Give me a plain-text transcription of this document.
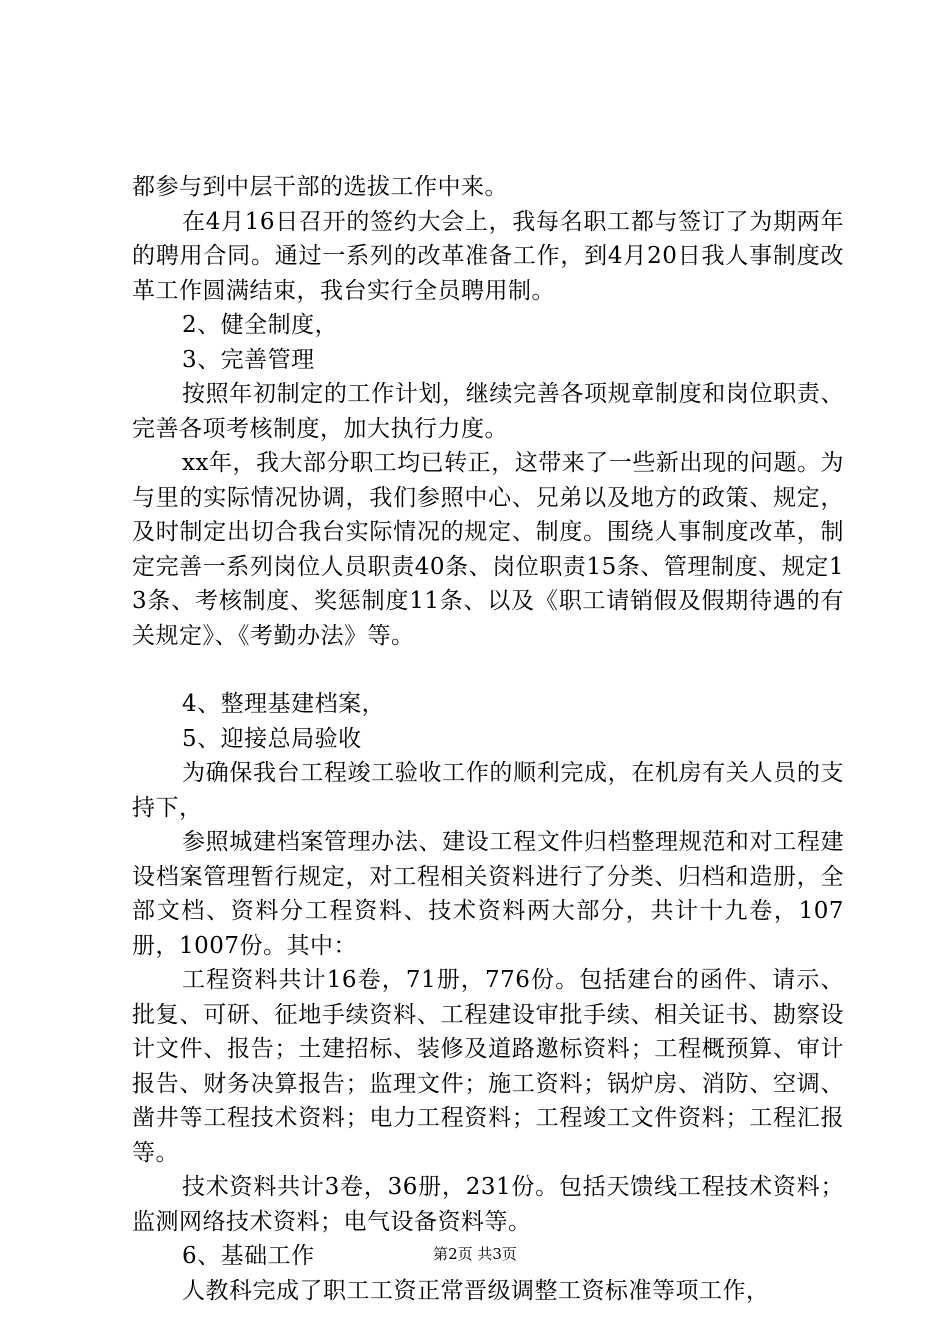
都参与到中层干部的选拔工作中来。

在4月16日召开的签约大会上，我每名职工都与签订了为期两年的聘用合同。通过一系列的改革准备工作，到4月20日我人事制度改革工作圆满结束，我台实行全员聘用制。

2、健全制度，

3、完善管理

按照年初制定的工作计划，继续完善各项规章制度和岗位职责、完善各项考核制度，加大执行力度。

xx年，我大部分职工均已转正，这带来了一些新出现的问题。为与里的实际情况协调，我们参照中心、兄弟以及地方的政策、规定，及时制定出切合我台实际情况的规定、制度。围绕人事制度改革，制定完善一系列岗位人员职责40条、岗位职责15条、管理制度、规定13条、考核制度、奖惩制度11条、以及《职工请销假及假期待遇的有关规定》、《考勤办法》等。

4、整理基建档案，

5、迎接总局验收

为确保我台工程竣工验收工作的顺利完成，在机房有关人员的支持下，

参照城建档案管理办法、建设工程文件归档整理规范和对工程建设档案管理暂行规定，对工程相关资料进行了分类、归档和造册，全部文档、资料分工程资料、技术资料两大部分，共计十九卷，107册，1007份。其中：

工程资料共计16卷，71册，776份。包括建台的函件、请示、批复、可研、征地手续资料、工程建设审批手续、相关证书、勘察设计文件、报告；土建招标、装修及道路邀标资料；工程概预算、审计报告、财务决算报告；监理文件；施工资料；锅炉房、消防、空调、凿井等工程技术资料；电力工程资料；工程竣工文件资料；工程汇报等。

技术资料共计3卷，36册，231份。包括天馈线工程技术资料；监测网络技术资料；电气设备资料等。

6、基础工作

人教科完成了职工工资正常晋级调整工资标准等项工作，

第2页 共3页
